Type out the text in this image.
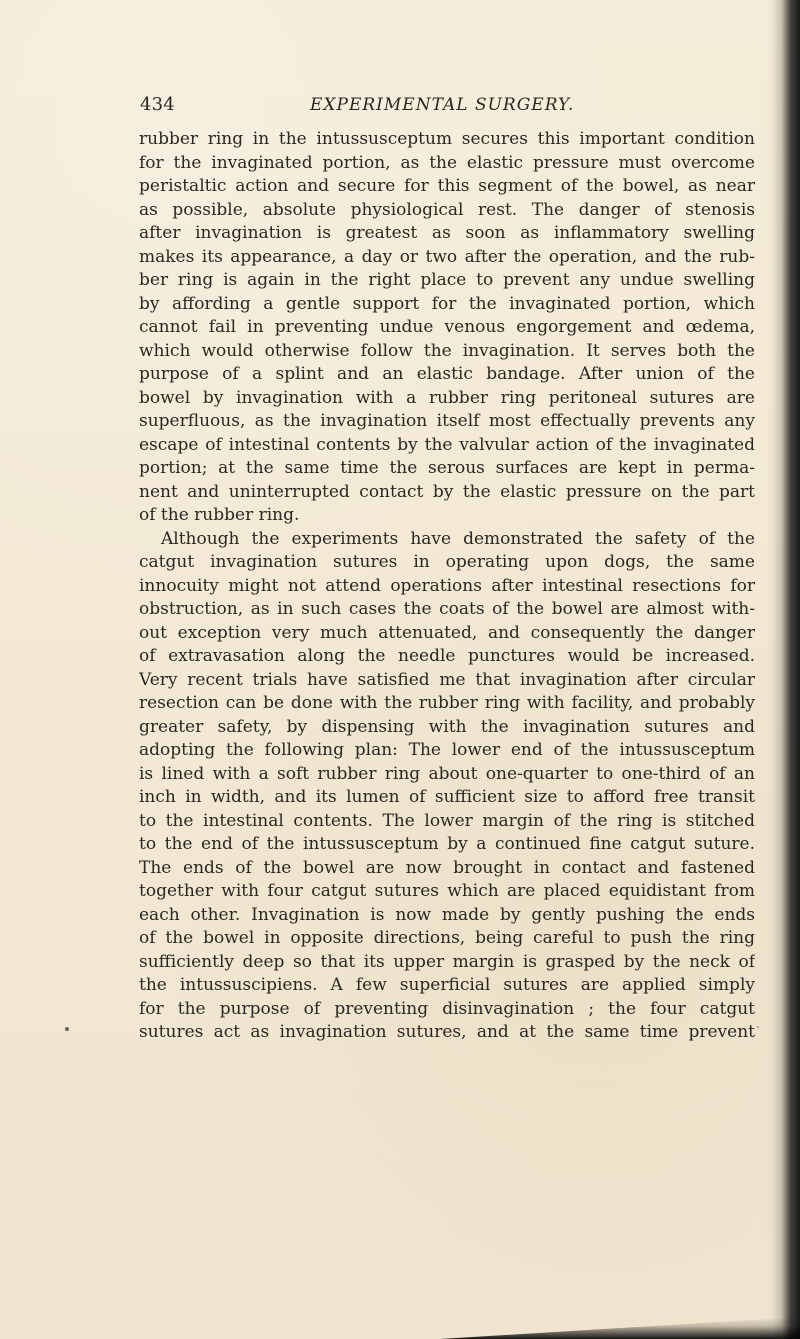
434	EXPERIMENTAL SURGERY.
rubber ring in the intussusceptum secures this important condition
for the invaginated portion, as the elastic pressure must overcome
peristaltic action and secure for this segment of the bowel, as near
as possible, absolute physiological rest. The danger of stenosis
after invagination is greatest as soon as inflammatory swelling
makes its appearance, a day or two after the operation, and the rub-
ber ring is again in the right place to prevent any undue swelling
by affording a gentle support for the invaginated portion, which
cannot fail in preventing undue venous engorgement and œdema,
which would otherwise follow the invagination. It serves both the
purpose of a splint and an elastic bandage. After union of the
bowel by invagination with a rubber ring peritoneal sutures are
superfluous, as the invagination itself most effectually prevents any
escape of intestinal contents by the valvular action of the invaginated
portion; at the same time the serous surfaces are kept in perma-
nent and uninterrupted contact by the elastic pressure on the part
of the rubber ring.
Although the experiments have demonstrated the safety of the
catgut invagination sutures in operating upon dogs, the same
innocuity might not attend operations after intestinal resections for
obstruction, as in such cases the coats of the bowel are almost with-
out exception very much attenuated, and consequently the danger
of extravasation along the needle punctures would be increased.
Very recent trials have satisfied me that invagination after circular
resection can be done with the rubber ring with facility, and probably
greater safety, by dispensing with the invagination sutures and
adopting the following plan: The lower end of the intussusceptum
is lined with a soft rubber ring about one-quarter to one-third of an
inch in width, and its lumen of sufficient size to afford free transit
to the intestinal contents. The lower margin of the ring is stitched
to the end of the intussusceptum by a continued fine catgut suture.
The ends of the bowel are now brought in contact and fastened
together with four catgut sutures which are placed equidistant from
each other. Invagination is now made by gently pushing the ends
of the bowel in opposite directions, being careful to push the ring
sufficiently deep so that its upper margin is grasped by the neck of
the intussuscipiens. A few superficial sutures are applied simply
for the purpose of preventing disinvagination ; the four catgut
sutures act as invagination sutures, and at the same time prevent
